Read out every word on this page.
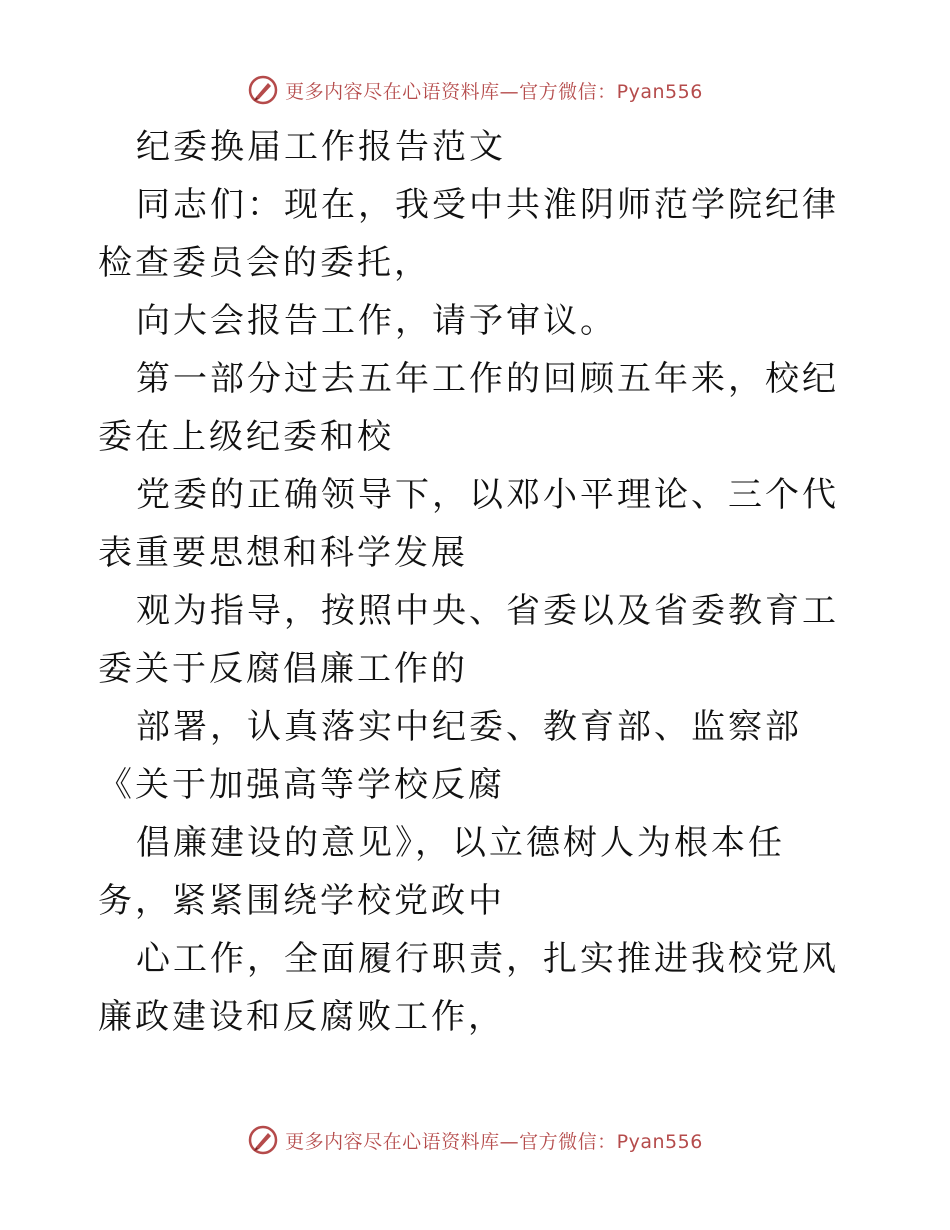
更多内容尽在心语资料库—官方微信：Pyan556

纪委换届工作报告范文

同志们：现在，我受中共淮阴师范学院纪律检查委员会的委托，

向大会报告工作，请予审议。

第一部分过去五年工作的回顾五年来，校纪委在上级纪委和校

党委的正确领导下，以邓小平理论、三个代表重要思想和科学发展

观为指导，按照中央、省委以及省委教育工委关于反腐倡廉工作的

部署，认真落实中纪委、教育部、监察部《关于加强高等学校反腐

倡廉建设的意见》，以立德树人为根本任务，紧紧围绕学校党政中

心工作，全面履行职责，扎实推进我校党风廉政建设和反腐败工作，

更多内容尽在心语资料库—官方微信：Pyan556
